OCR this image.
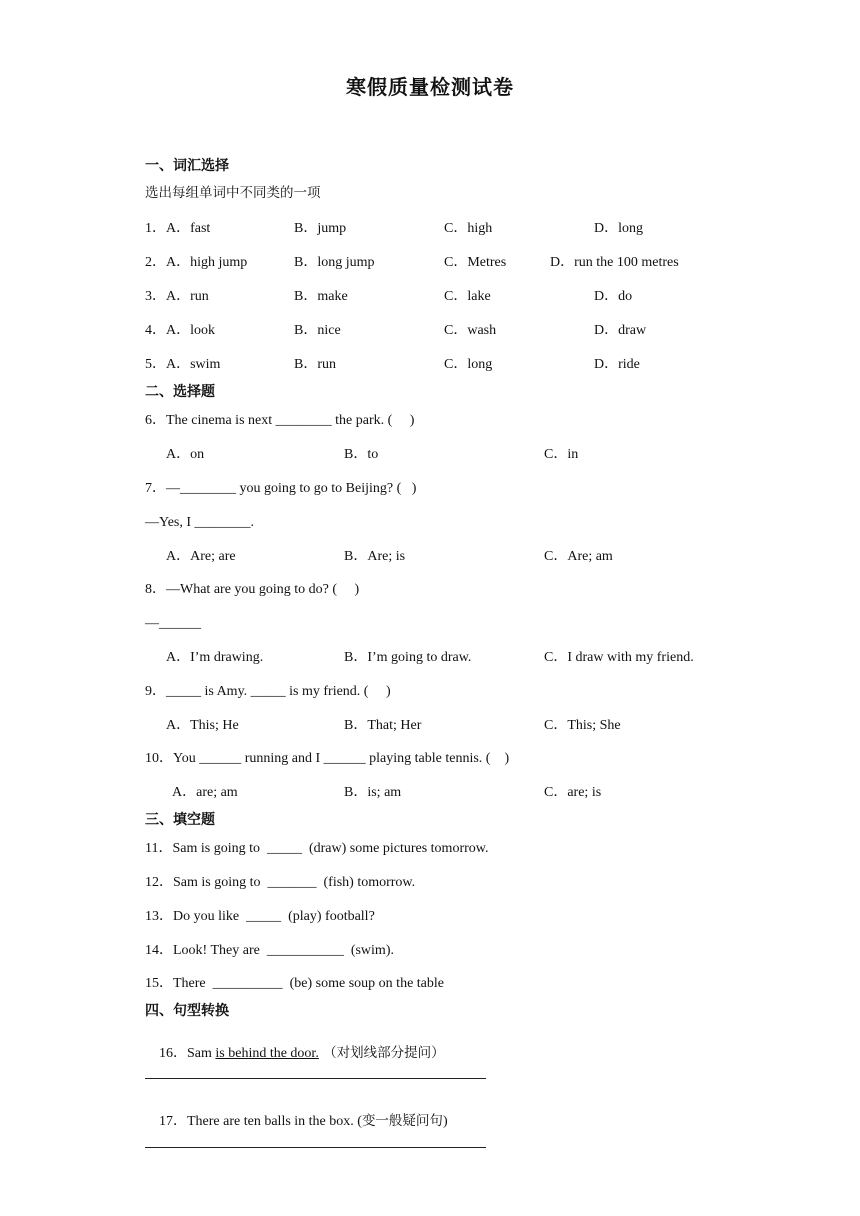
寒假质量检测试卷
一、词汇选择
选出每组单词中不同类的一项
1． A．fast	B．jump	C．high	D．long
2． A．high jump	B．long jump	C．Metres	D．run the 100 metres
3． A．run	B．make	C．lake	D．do
4． A．look	B．nice	C．wash	D．draw
5． A．swim	B．run	C．long	D．ride
二、选择题
6．The cinema is next ________ the park. (     )
A．on	B．to	C．in
7．—________ you going to go to Beijing? (   )
—Yes, I ________.
A．Are; are	B．Are; is	C．Are; am
8．—What are you going to do? (     )
—______
A．I’m drawing.	B．I’m going to draw.	C．I draw with my friend.
9．_____ is Amy. _____ is my friend. (     )
A．This; He	B．That; Her	C．This; She
10．You ______ running and I ______ playing table tennis. (    )
A．are; am	B．is; am	C．are; is
三、填空题
11．Sam is going to  _____  (draw) some pictures tomorrow.
12．Sam is going to  _______  (fish) tomorrow.
13．Do you like  _____  (play) football?
14．Look! They are  ___________  (swim).
15．There  __________  (be) some soup on the table
四、句型转换

16．Sam is behind the door. （对划线部分提问）

17．There are ten balls in the box. (变一般疑问句)
